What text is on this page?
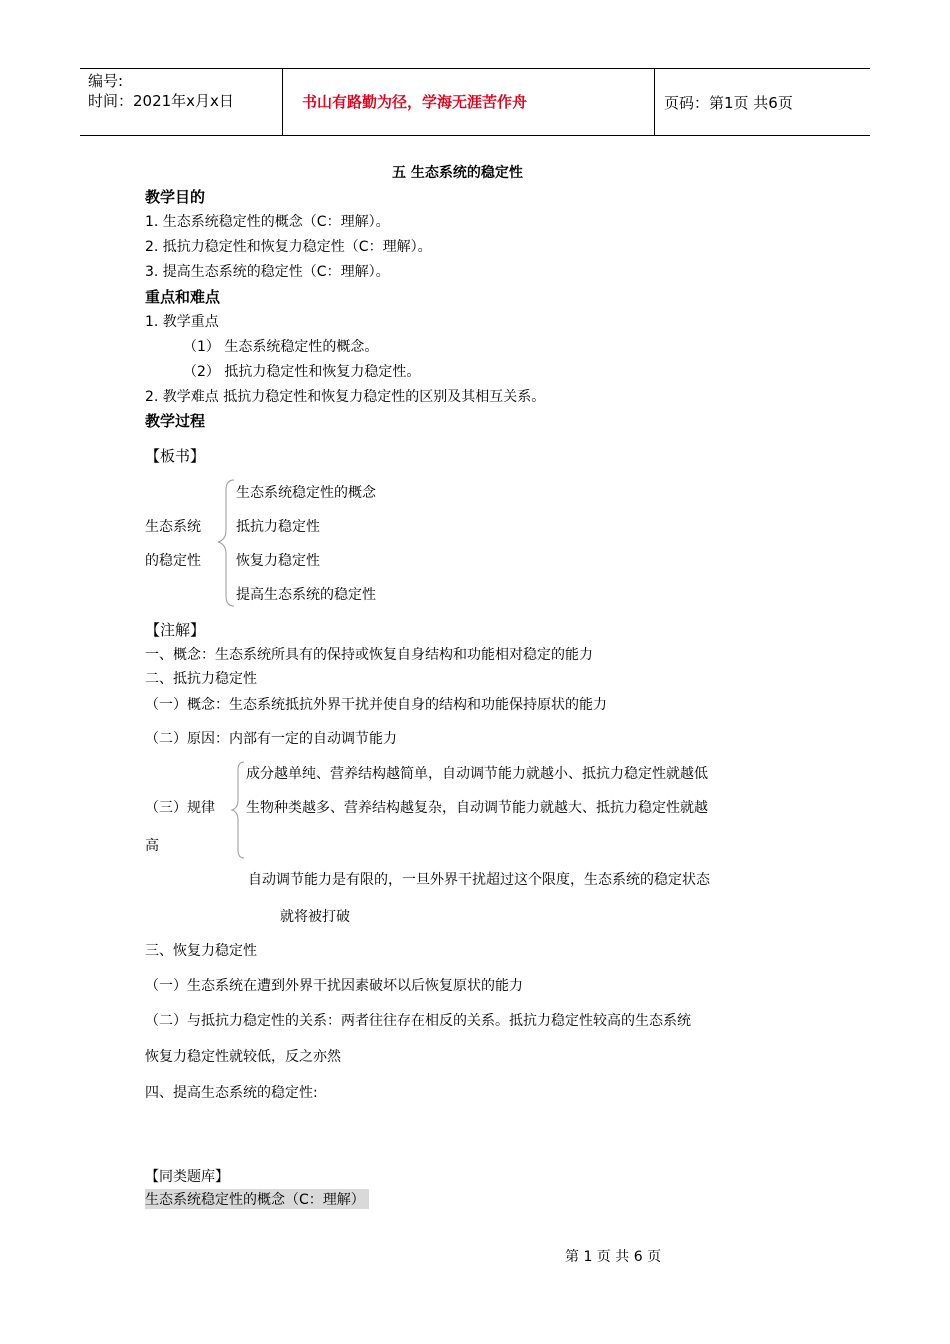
编号:
时间：2021年x月x日	书山有路勤为径，学海无涯苦作舟	页码：第1页 共6页
五 生态系统的稳定性
教学目的
1. 生态系统稳定性的概念（C：理解）。
2. 抵抗力稳定性和恢复力稳定性（C：理解）。
3. 提高生态系统的稳定性（C：理解）。
重点和难点
1. 教学重点
（1） 生态系统稳定性的概念。
（2） 抵抗力稳定性和恢复力稳定性。
2. 教学难点 抵抗力稳定性和恢复力稳定性的区别及其相互关系。
教学过程
【板书】
生态系统
的稳定性
生态系统稳定性的概念
抵抗力稳定性
恢复力稳定性
提高生态系统的稳定性
【注解】
一、概念：生态系统所具有的保持或恢复自身结构和功能相对稳定的能力
二、抵抗力稳定性
（一）概念：生态系统抵抗外界干扰并使自身的结构和功能保持原状的能力
（二）原因：内部有一定的自动调节能力
（三）规律
成分越单纯、营养结构越简单，自动调节能力就越小、抵抗力稳定性就越低
生物种类越多、营养结构越复杂，自动调节能力就越大、抵抗力稳定性就越
高
自动调节能力是有限的，一旦外界干扰超过这个限度，生态系统的稳定状态
就将被打破
三、恢复力稳定性
（一）生态系统在遭到外界干扰因素破坏以后恢复原状的能力
（二）与抵抗力稳定性的关系：两者往往存在相反的关系。抵抗力稳定性较高的生态系统
恢复力稳定性就较低，反之亦然
四、提高生态系统的稳定性:
【同类题库】
生态系统稳定性的概念（C：理解）
第 1 页 共 6 页
